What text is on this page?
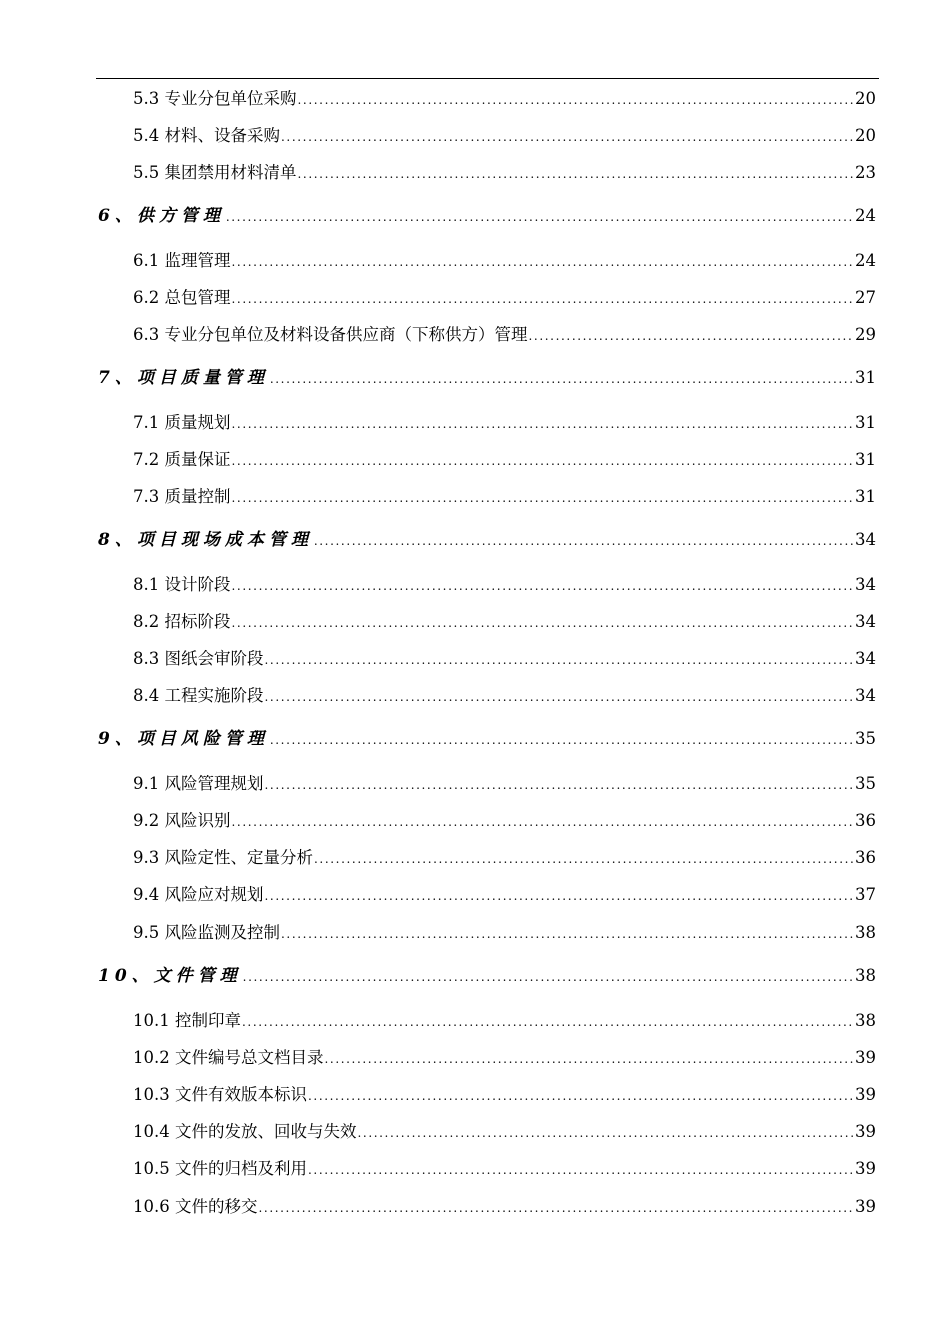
5.3 专业分包单位采购 .....	20
5.4 材料、设备采购 .....	20
5.5 集团禁用材料清单 .....	23
6、供方管理 .....	24
6.1 监理管理 .....	24
6.2 总包管理 .....	27
6.3 专业分包单位及材料设备供应商（下称供方）管理 .....	29
7、项目质量管理 .....	31
7.1 质量规划 .....	31
7.2 质量保证 .....	31
7.3 质量控制 .....	31
8、项目现场成本管理 .....	34
8.1 设计阶段 .....	34
8.2 招标阶段 .....	34
8.3 图纸会审阶段 .....	34
8.4 工程实施阶段 .....	34
9、项目风险管理 .....	35
9.1 风险管理规划 .....	35
9.2 风险识别 .....	36
9.3 风险定性、定量分析 .....	36
9.4 风险应对规划 .....	37
9.5 风险监测及控制 .....	38
10、文件管理 .....	38
10.1 控制印章 .....	38
10.2 文件编号总文档目录 .....	39
10.3 文件有效版本标识 .....	39
10.4 文件的发放、回收与失效 .....	39
10.5 文件的归档及利用 .....	39
10.6 文件的移交 .....	39
